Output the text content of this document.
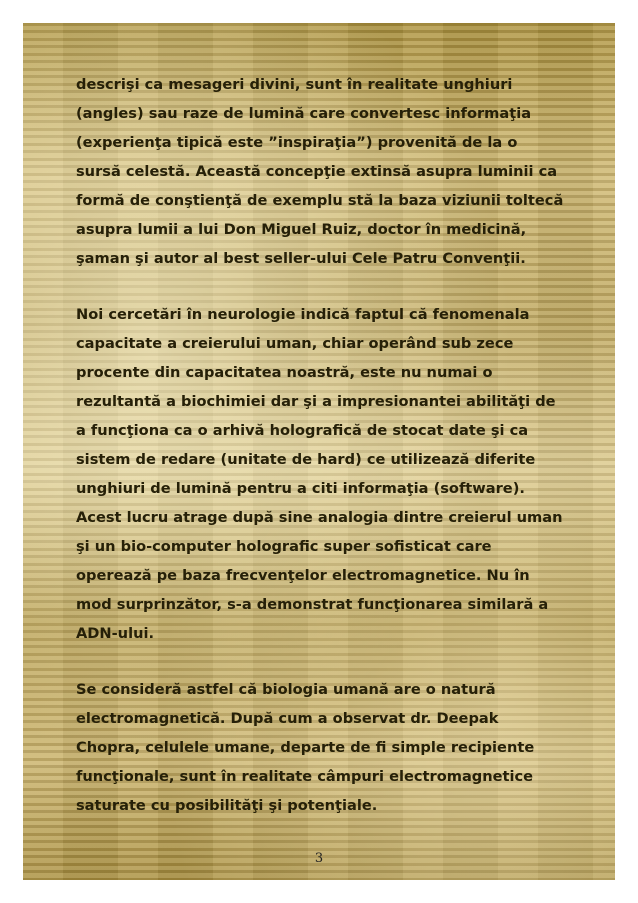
descrişi ca mesageri divini, sunt în realitate unghiuri
(angles) sau raze de lumină care convertesc informaţia
(experienţa tipică este ”inspiraţia”) provenită de la o
sursă celestă. Această concepţie extinsă asupra luminii ca
formă de conştienţă de exemplu stă la baza viziunii toltecă
asupra lumii a lui Don Miguel Ruiz, doctor în medicină,
şaman şi autor al best seller-ului Cele Patru Convenţii.

Noi cercetări în neurologie indică faptul că fenomenala
capacitate a creierului uman, chiar operând sub zece
procente din capacitatea noastră, este nu numai o
rezultantă a biochimiei dar şi a impresionantei abilităţi de
a funcţiona ca o arhivă holografică de stocat date şi ca
sistem de redare (unitate de hard) ce utilizează diferite
unghiuri de lumină pentru a citi informaţia (software).
Acest lucru atrage după sine analogia dintre creierul uman
şi un bio-computer holografic super sofisticat care
operează pe baza frecvenţelor electromagnetice. Nu în
mod surprinzător, s-a demonstrat funcţionarea similară a
ADN-ului.

Se consideră astfel că biologia umană are o natură
electromagnetică. După cum a observat dr. Deepak
Chopra, celulele umane, departe de fi simple recipiente
funcţionale, sunt în realitate câmpuri electromagnetice
saturate cu posibilităţi şi potenţiale.

3
